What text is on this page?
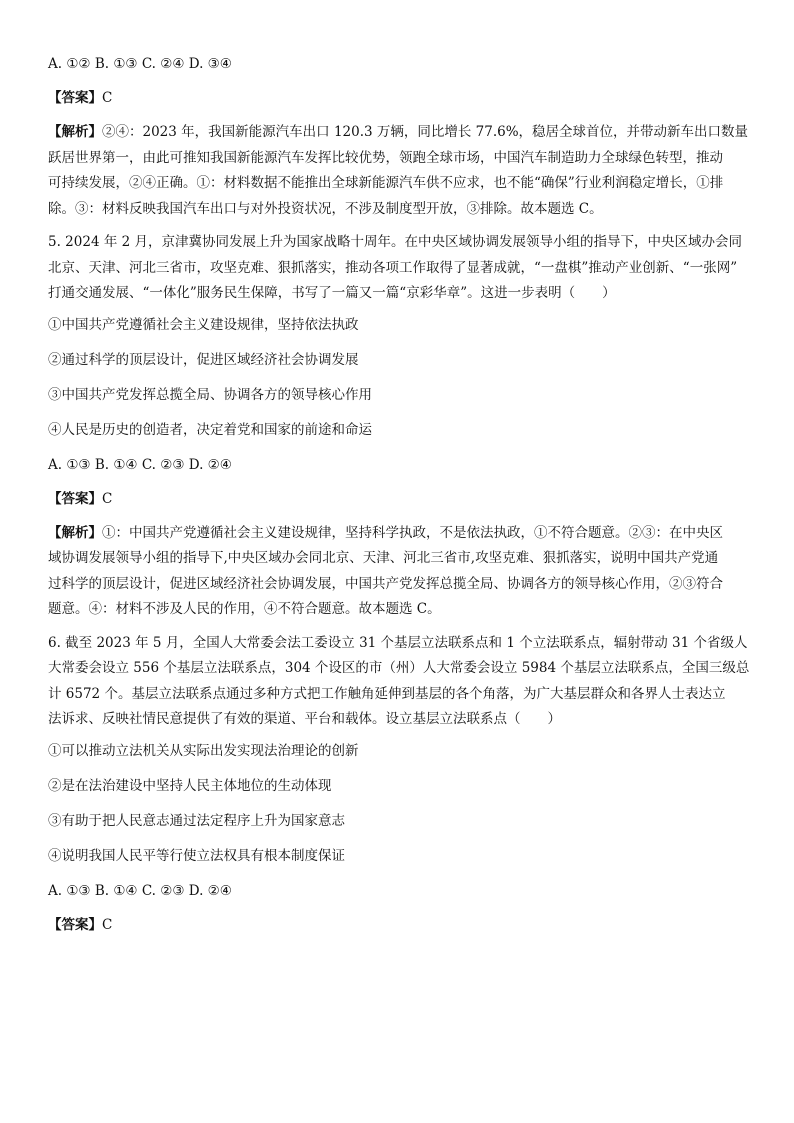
A. ①② B. ①③ C. ②④ D. ③④

【答案】C

【解析】②④：2023 年，我国新能源汽车出口 120.3 万辆，同比增长 77.6%，稳居全球首位，并带动新车出口数量
跃居世界第一，由此可推知我国新能源汽车发挥比较优势，领跑全球市场，中国汽车制造助力全球绿色转型，推动
可持续发展，②④正确。①：材料数据不能推出全球新能源汽车供不应求，也不能“确保”行业利润稳定增长，①排
除。③：材料反映我国汽车出口与对外投资状况，不涉及制度型开放，③排除。故本题选 C。
5. 2024 年 2 月，京津冀协同发展上升为国家战略十周年。在中央区域协调发展领导小组的指导下，中央区域办会同
北京、天津、河北三省市，攻坚克难、狠抓落实，推动各项工作取得了显著成就，“一盘棋”推动产业创新、“一张网”
打通交通发展、“一体化”服务民生保障，书写了一篇又一篇“京彩华章”。这进一步表明（　　）

①中国共产党遵循社会主义建设规律，坚持依法执政

②通过科学的顶层设计，促进区域经济社会协调发展

③中国共产党发挥总揽全局、协调各方的领导核心作用

④人民是历史的创造者，决定着党和国家的前途和命运

A. ①③ B. ①④ C. ②③ D. ②④

【答案】C

【解析】①：中国共产党遵循社会主义建设规律，坚持科学执政，不是依法执政，①不符合题意。②③：在中央区
域协调发展领导小组的指导下,中央区域办会同北京、天津、河北三省市,攻坚克难、狠抓落实，说明中国共产党通
过科学的顶层设计，促进区域经济社会协调发展，中国共产党发挥总揽全局、协调各方的领导核心作用，②③符合
题意。④：材料不涉及人民的作用，④不符合题意。故本题选 C。
6. 截至 2023 年 5 月，全国人大常委会法工委设立 31 个基层立法联系点和 1 个立法联系点，辐射带动 31 个省级人
大常委会设立 556 个基层立法联系点，304 个设区的市（州）人大常委会设立 5984 个基层立法联系点，全国三级总
计 6572 个。基层立法联系点通过多种方式把工作触角延伸到基层的各个角落，为广大基层群众和各界人士表达立
法诉求、反映社情民意提供了有效的渠道、平台和载体。设立基层立法联系点（　　）

①可以推动立法机关从实际出发实现法治理论的创新

②是在法治建设中坚持人民主体地位的生动体现

③有助于把人民意志通过法定程序上升为国家意志

④说明我国人民平等行使立法权具有根本制度保证

A. ①③ B. ①④ C. ②③ D. ②④

【答案】C
